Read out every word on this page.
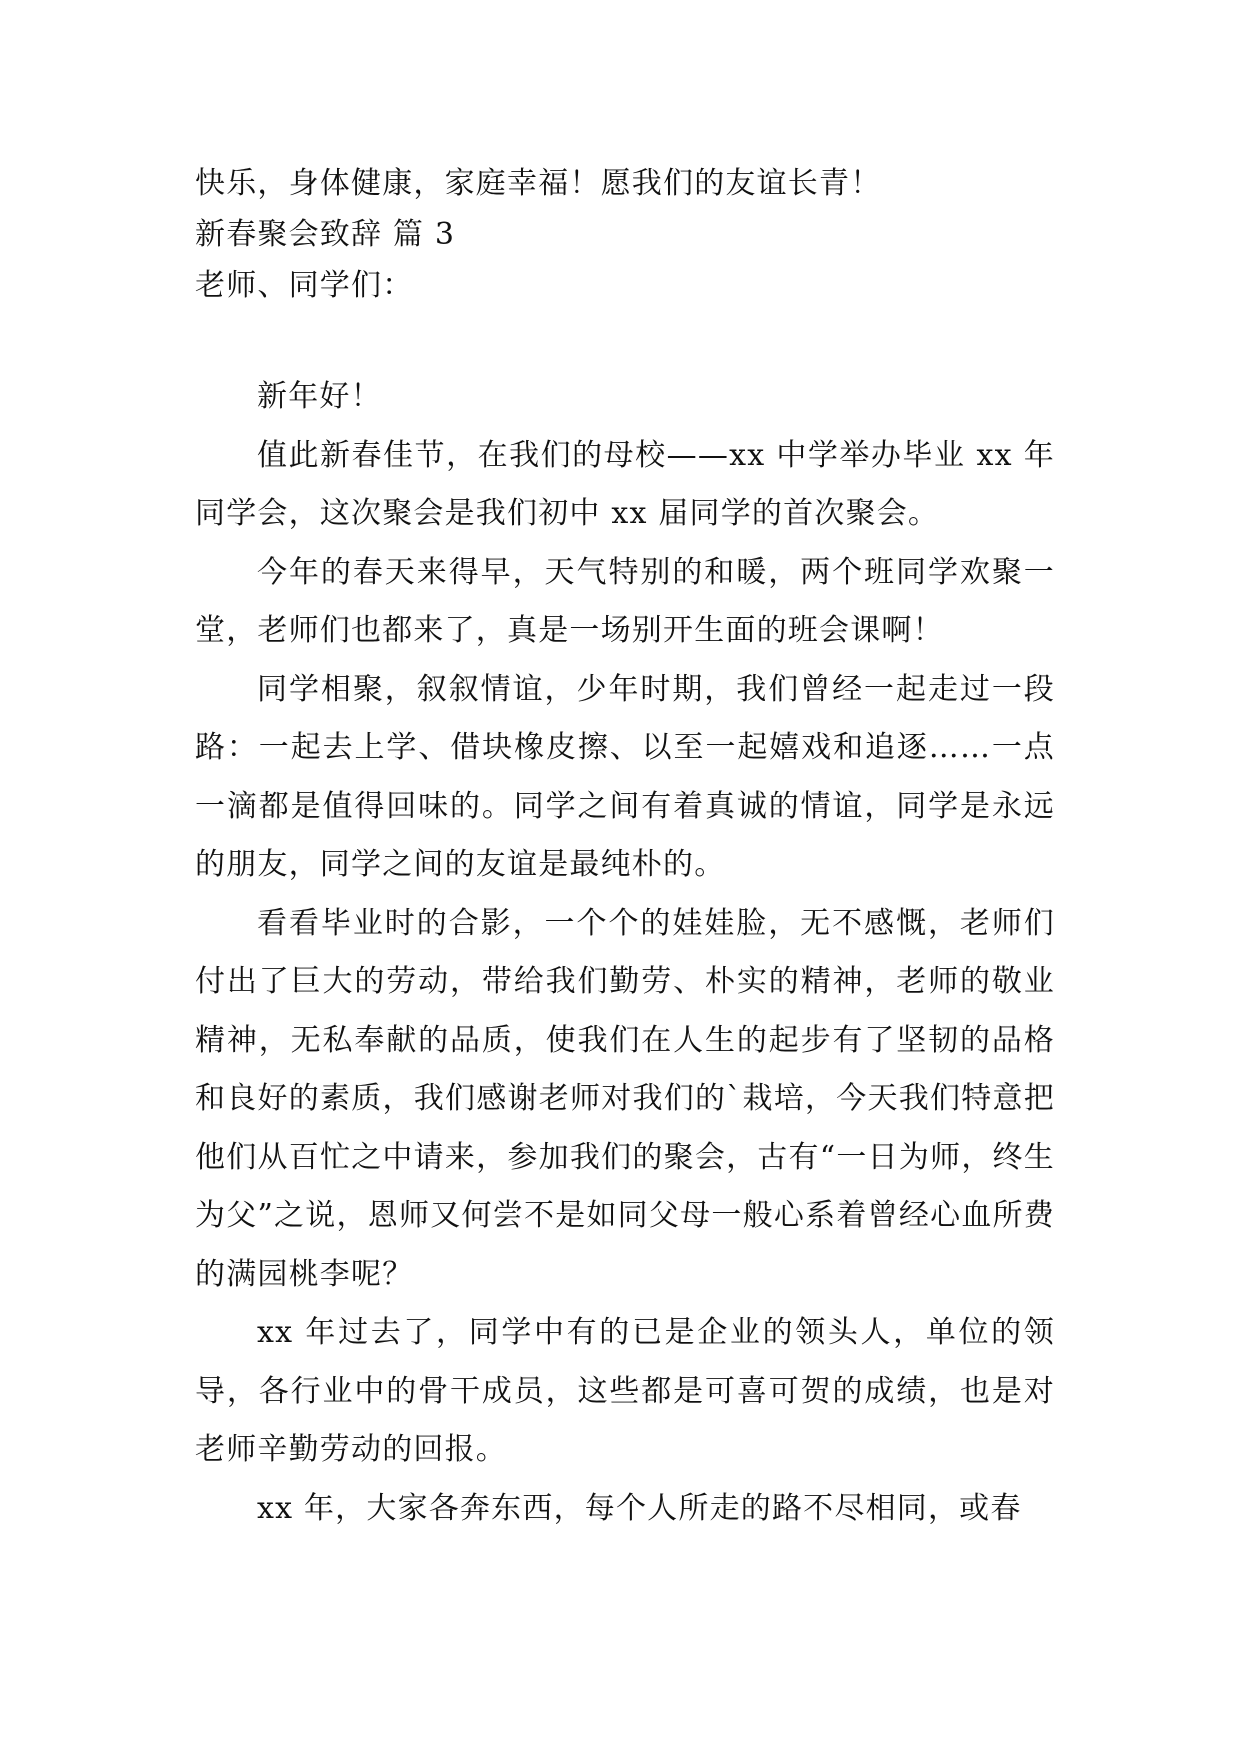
快乐，身体健康，家庭幸福！愿我们的友谊长青！
新春聚会致辞 篇 3
老师、同学们：

新年好！

值此新春佳节，在我们的母校——xx 中学举办毕业 xx 年同学会，这次聚会是我们初中 xx 届同学的首次聚会。

今年的春天来得早，天气特别的和暖，两个班同学欢聚一堂，老师们也都来了，真是一场别开生面的班会课啊！

同学相聚，叙叙情谊，少年时期，我们曾经一起走过一段路：一起去上学、借块橡皮擦、以至一起嬉戏和追逐……一点一滴都是值得回味的。同学之间有着真诚的情谊，同学是永远的朋友，同学之间的友谊是最纯朴的。

看看毕业时的合影，一个个的娃娃脸，无不感慨，老师们付出了巨大的劳动，带给我们勤劳、朴实的精神，老师的敬业精神，无私奉献的品质，使我们在人生的起步有了坚韧的品格和良好的素质，我们感谢老师对我们的`栽培，今天我们特意把他们从百忙之中请来，参加我们的聚会，古有“一日为师，终生为父”之说，恩师又何尝不是如同父母一般心系着曾经心血所费的满园桃李呢？

xx 年过去了，同学中有的已是企业的领头人，单位的领导，各行业中的骨干成员，这些都是可喜可贺的成绩，也是对老师辛勤劳动的回报。

xx 年，大家各奔东西，每个人所走的路不尽相同，或春
